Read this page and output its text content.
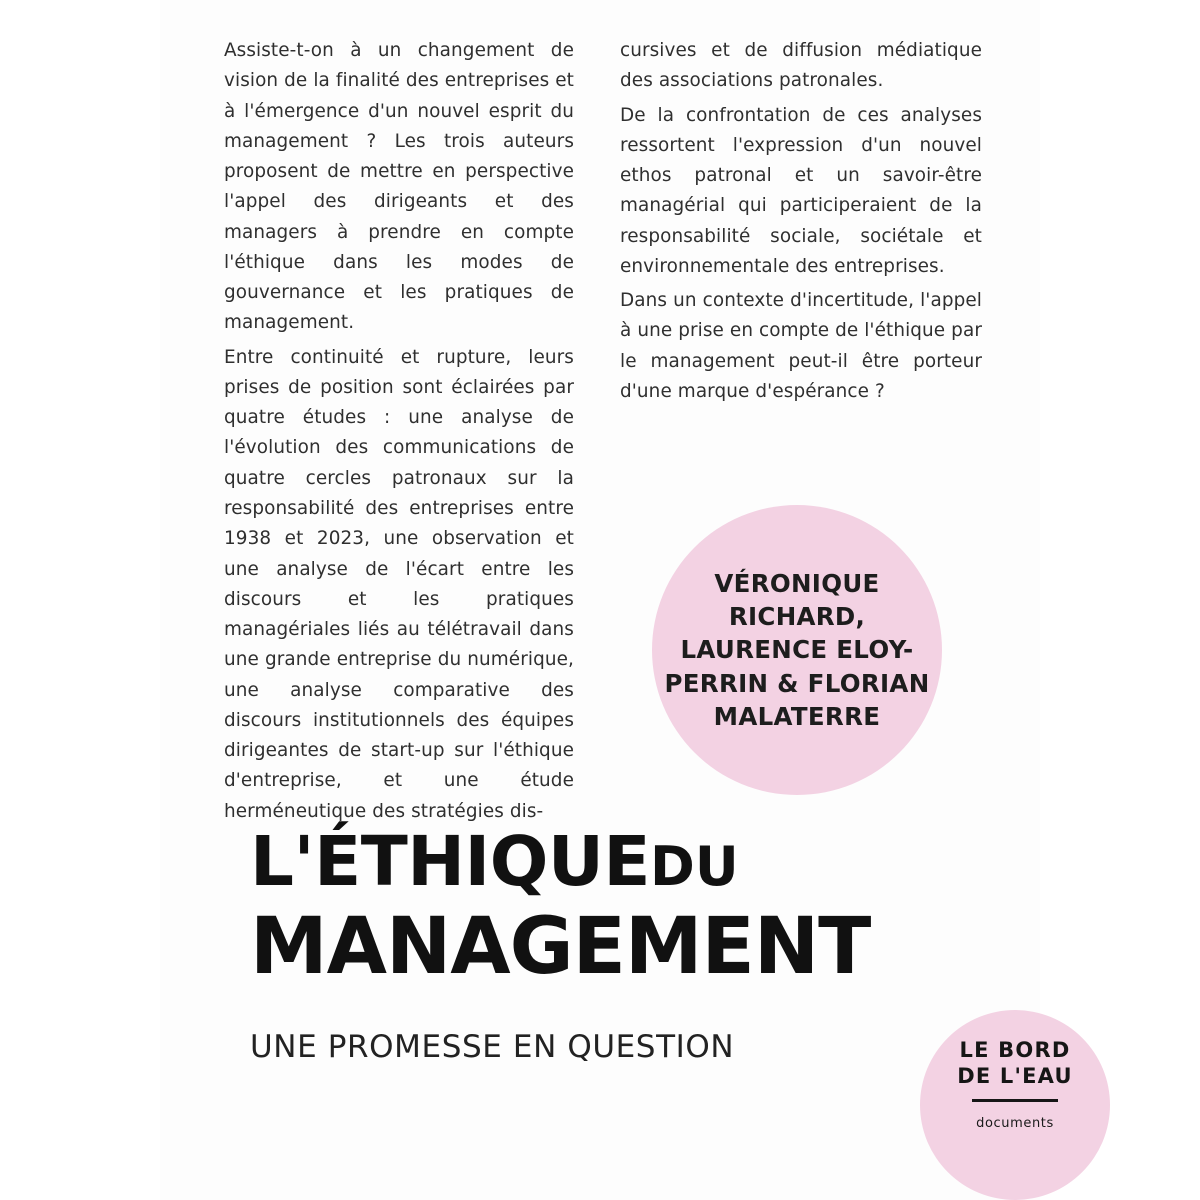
Assiste-t-on à un changement de vision de la finalité des entreprises et à l'émergence d'un nouvel esprit du management ? Les trois auteurs proposent de mettre en perspective l'appel des dirigeants et des managers à prendre en compte l'éthique dans les modes de gouvernance et les pratiques de management.

Entre continuité et rupture, leurs prises de position sont éclairées par quatre études : une analyse de l'évolution des communications de quatre cercles patronaux sur la responsabilité des entreprises entre 1938 et 2023, une observation et une analyse de l'écart entre les discours et les pratiques managériales liés au télétravail dans une grande entreprise du numérique, une analyse comparative des discours institutionnels des équipes dirigeantes de start-up sur l'éthique d'entreprise, et une étude herméneutique des stratégies dis-

cursives et de diffusion médiatique des associations patronales.

De la confrontation de ces analyses ressortent l'expression d'un nouvel ethos patronal et un savoir-être managérial qui participeraient de la responsabilité sociale, sociétale et environnementale des entreprises.

Dans un contexte d'incertitude, l'appel à une prise en compte de l'éthique par le management peut-il être porteur d'une marque d'espérance ?

VÉRONIQUE RICHARD, LAURENCE ELOY-PERRIN & FLORIAN MALATERRE
L'ÉTHIQUEDU
MANAGEMENT
UNE PROMESSE EN QUESTION	LE BORD
DE L'EAU
documents
